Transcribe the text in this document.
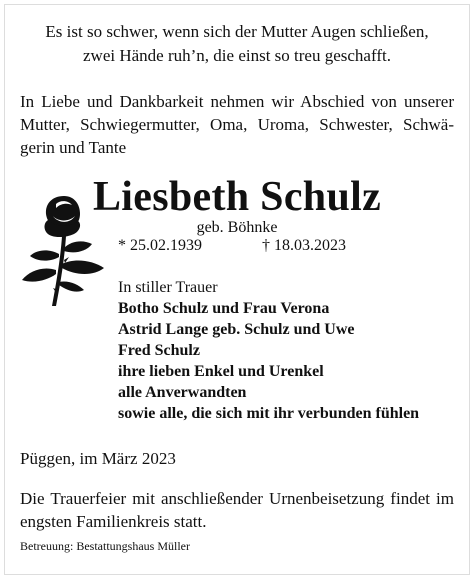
Es ist so schwer, wenn sich der Mutter Augen schließen,
zwei Hände ruh’n, die einst so treu geschafft.
In Liebe und Dankbarkeit nehmen wir Abschied von unserer Mutter, Schwiegermutter, Oma, Uroma, Schwester, Schwä-gerin und Tante
Liesbeth Schulz
geb. Böhnke
* 25.02.1939	† 18.03.2023
In stiller Trauer
Botho Schulz und Frau Verona
Astrid Lange geb. Schulz und Uwe
Fred Schulz
ihre lieben Enkel und Urenkel
alle Anverwandten
sowie alle, die sich mit ihr verbunden fühlen
Püggen, im März 2023
Die Trauerfeier mit anschließender Urnenbeisetzung findet im engsten Familienkreis statt.
Betreuung: Bestattungshaus Müller
